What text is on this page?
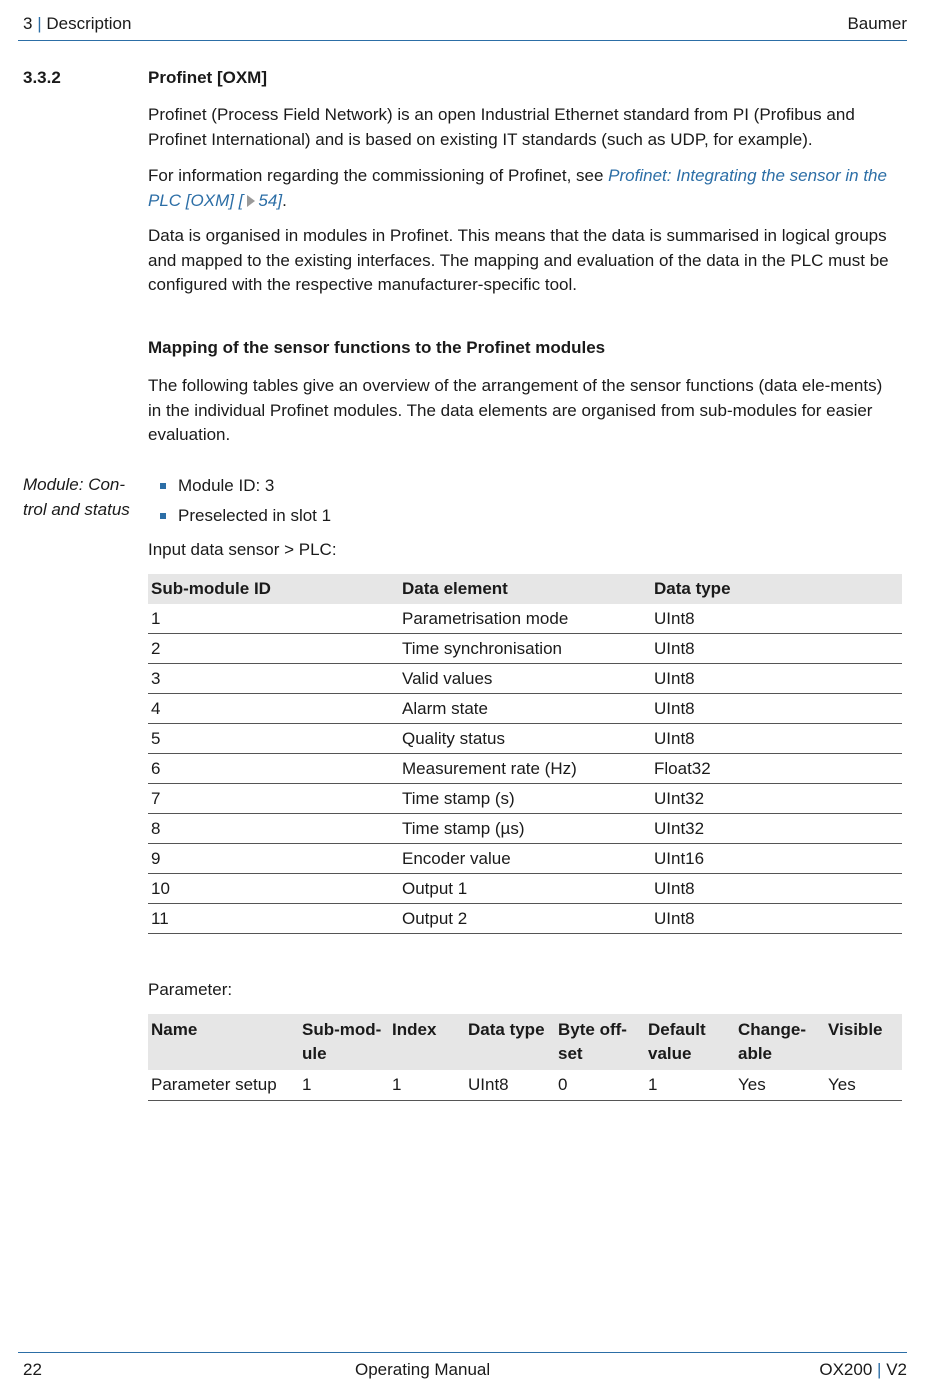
3 | Description	Baumer
3.3.2	Profinet [OXM]
Profinet (Process Field Network) is an open Industrial Ethernet standard from PI (Profibus and Profinet International) and is based on existing IT standards (such as UDP, for example).
For information regarding the commissioning of Profinet, see Profinet: Integrating the sensor in the PLC [OXM] [ 54].
Data is organised in modules in Profinet. This means that the data is summarised in logical groups and mapped to the existing interfaces. The mapping and evaluation of the data in the PLC must be configured with the respective manufacturer-specific tool.
Mapping of the sensor functions to the Profinet modules
The following tables give an overview of the arrangement of the sensor functions (data ele-ments) in the individual Profinet modules. The data elements are organised from sub-modules for easier evaluation.
Module: Con-trol and status
Module ID: 3
Preselected in slot 1
Input data sensor > PLC:
Sub-module ID	Data element	Data type
1	Parametrisation mode	UInt8
2	Time synchronisation	UInt8
3	Valid values	UInt8
4	Alarm state	UInt8
5	Quality status	UInt8
6	Measurement rate (Hz)	Float32
7	Time stamp (s)	UInt32
8	Time stamp (µs)	UInt32
9	Encoder value	UInt16
10	Output 1	UInt8
11	Output 2	UInt8
Parameter:
Name	Sub-mod-ule	Index	Data type	Byte off-set	Default value	Change-able	Visible
Parameter setup	1	1	UInt8	0	1	Yes	Yes
22	Operating Manual	OX200 | V2
